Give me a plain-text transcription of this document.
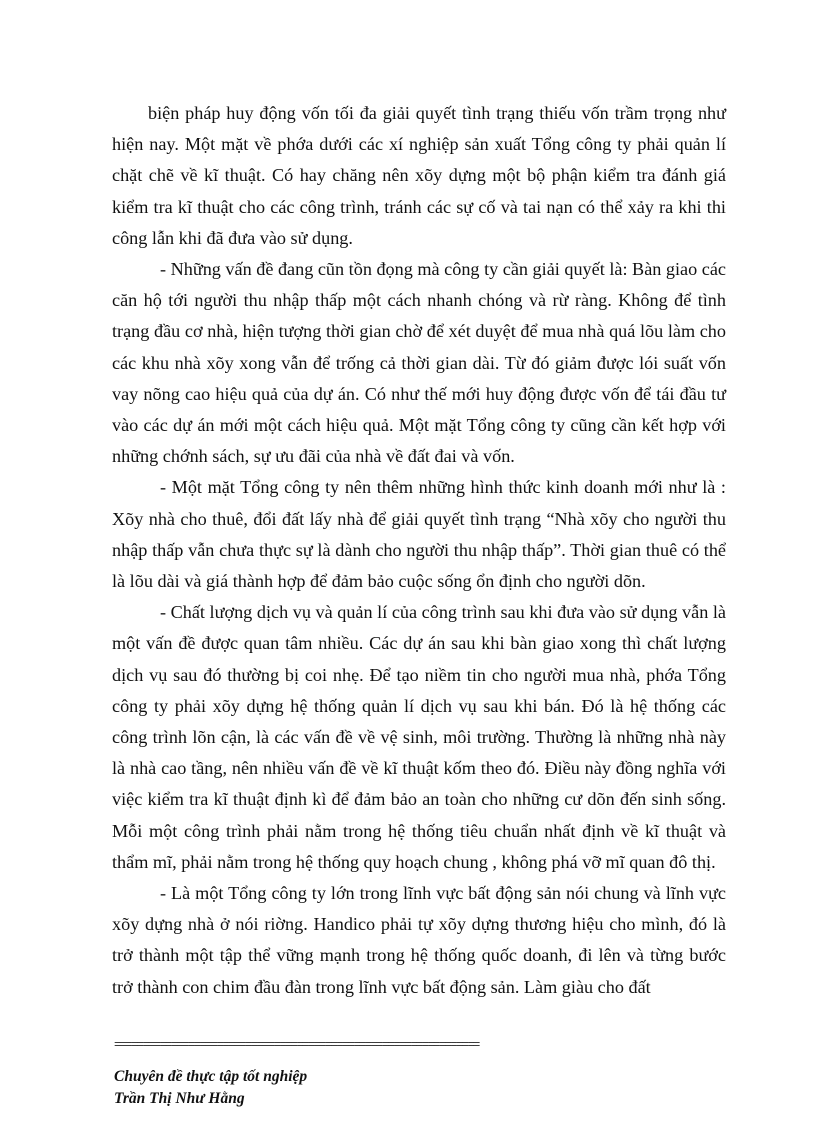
biện pháp huy động vốn tối đa giải quyết tình trạng thiếu vốn trầm trọng như hiện nay. Một mặt về phớa dưới các xí nghiệp sản xuất Tổng công ty phải quản lí chặt chẽ về kĩ thuật. Có hay chăng nên xõy dựng một bộ phận kiểm tra đánh giá kiểm tra kĩ thuật cho các công trình, tránh các sự cố và tai nạn có thể xảy ra khi thi công lẫn khi đã đưa vào sử dụng.

- Những vấn đề đang cũn tồn đọng mà công ty cần giải quyết là: Bàn giao các căn hộ tới người thu nhập thấp một cách nhanh chóng và rừ ràng. Không để tình trạng đầu cơ nhà, hiện tượng thời gian chờ để xét duyệt để mua nhà quá lõu làm cho các khu nhà xõy xong vẫn để trống cả thời gian dài. Từ đó giảm được lói suất vốn vay nõng cao hiệu quả của dự án. Có như thế mới huy động được vốn để tái đầu tư vào các dự án mới một cách hiệu quả. Một mặt Tổng công ty cũng cần kết hợp với những chớnh sách, sự ưu đãi của nhà về đất đai và vốn.

- Một mặt Tổng công ty nên thêm những hình thức kinh doanh mới như là : Xõy nhà cho thuê, đổi đất lấy nhà để giải quyết tình trạng “Nhà xõy cho người thu nhập thấp vẫn chưa thực sự là dành cho người thu nhập thấp”. Thời gian thuê có thể là lõu dài và giá thành hợp để đảm bảo cuộc sống ổn định cho người dõn.

- Chất lượng dịch vụ và quản lí của công trình sau khi đưa vào sử dụng vẫn là một vấn đề được quan tâm nhiều. Các dự án sau khi bàn giao xong thì chất lượng dịch vụ sau đó thường bị coi nhẹ. Để tạo niềm tin cho người mua nhà, phớa Tổng công ty phải xõy dựng hệ thống quản lí dịch vụ sau khi bán. Đó là hệ thống các công trình lõn cận, là các vấn đề về vệ sinh, môi trường. Thường là những nhà này là nhà cao tầng, nên nhiều vấn đề về kĩ thuật kốm theo đó. Điều này đồng nghĩa với việc kiểm tra kĩ thuật định kì để đảm bảo an toàn cho những cư dõn đến sinh sống. Mỗi một công trình phải nằm trong hệ thống tiêu chuẩn nhất định về kĩ thuật và thẩm mĩ, phải nằm trong hệ thống quy hoạch chung , không phá vỡ mĩ quan đô thị.

- Là một Tổng công ty lớn trong lĩnh vực bất động sản nói chung và lĩnh vực xõy dựng nhà ở nói riờng. Handico phải tự xõy dựng thương hiệu cho mình, đó là trở thành một tập thể vững mạnh trong hệ thống quốc doanh, đi lên và từng bước trở thành con chim đầu đàn trong lĩnh vực bất động sản. Làm giàu cho đất

================================================================
Chuyên đề thực tập tốt nghiệp
Trần Thị Như Hằng
